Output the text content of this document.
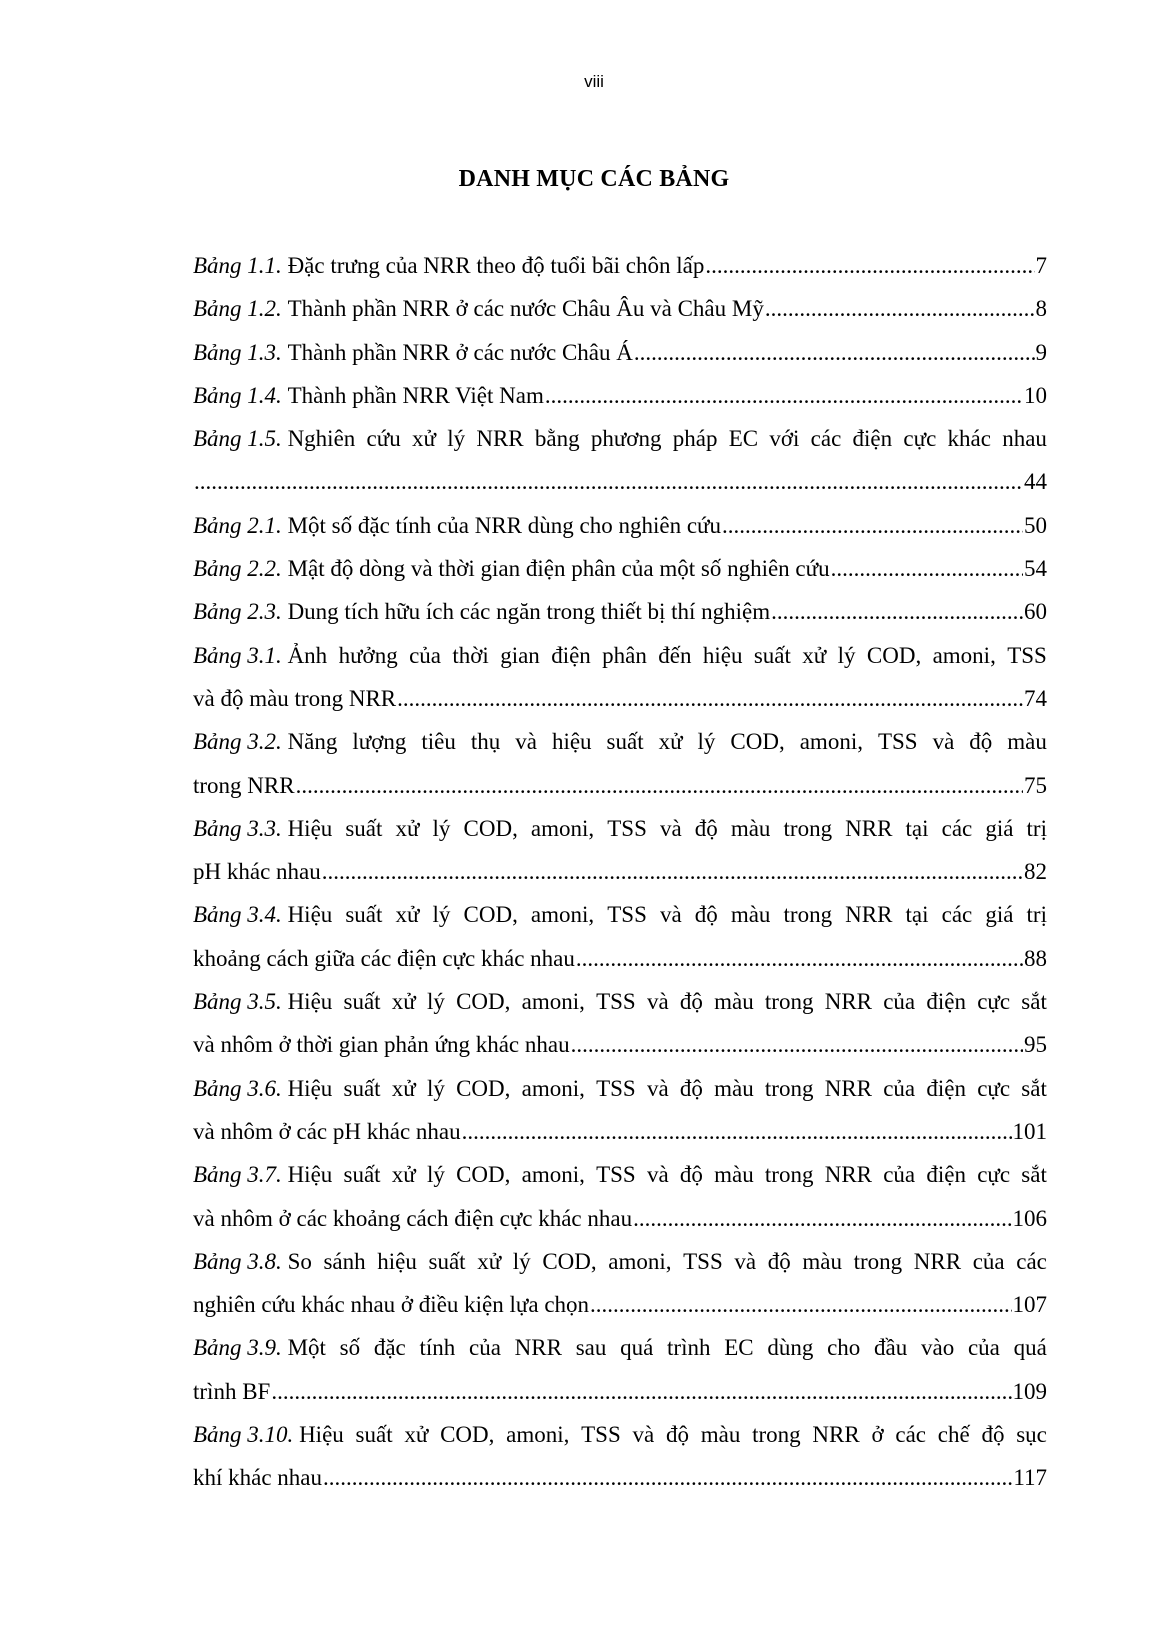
viii
DANH MỤC CÁC BẢNG
Bảng 1.1.
Đặc trưng của NRR theo độ tuổi bãi chôn lấp .....	7
Bảng 1.2.
Thành phần NRR ở các nước Châu Âu và Châu Mỹ .....	8
Bảng 1.3.
Thành phần NRR ở các nước Châu Á .....	9
Bảng 1.4.
Thành phần NRR Việt Nam .....	10
Bảng 1.5.
Nghiên cứu xử lý NRR bằng phương pháp EC với các điện cực khác nhau
.....
44
Bảng 2.1.
Một số đặc tính của NRR dùng cho nghiên cứu .....	50
Bảng 2.2.
Mật độ dòng và thời gian điện phân của một số nghiên cứu .....	54
Bảng 2.3.
Dung tích hữu ích các ngăn trong thiết bị thí nghiệm .....	60
Bảng 3.1.
Ảnh hưởng của thời gian điện phân đến hiệu suất xử lý COD, amoni, TSS
và độ màu trong NRR .....	74
Bảng 3.2.
Năng lượng tiêu thụ và hiệu suất xử lý COD, amoni, TSS và độ màu
trong NRR .....	75
Bảng 3.3.
Hiệu suất xử lý COD, amoni, TSS và độ màu trong NRR tại các giá trị
pH khác nhau .....	82
Bảng 3.4.
Hiệu suất xử lý COD, amoni, TSS và độ màu trong NRR tại các giá trị
khoảng cách giữa các điện cực khác nhau .....	88
Bảng 3.5.
Hiệu suất xử lý COD, amoni, TSS và độ màu trong NRR của điện cực sắt
và nhôm ở thời gian phản ứng khác nhau .....	95
Bảng 3.6.
Hiệu suất xử lý COD, amoni, TSS và độ màu trong NRR của điện cực sắt
và nhôm ở các pH khác nhau .....	101
Bảng 3.7.
Hiệu suất xử lý COD, amoni, TSS và độ màu trong NRR của điện cực sắt
và nhôm ở các khoảng cách điện cực khác nhau .....	106
Bảng 3.8.
So sánh hiệu suất xử lý COD, amoni, TSS và độ màu trong NRR của các
nghiên cứu khác nhau ở điều kiện lựa chọn .....	107
Bảng 3.9.
Một số đặc tính của NRR sau quá trình EC dùng cho đầu vào của quá
trình BF .....	109
Bảng 3.10.
Hiệu suất xử COD, amoni, TSS và độ màu trong NRR ở các chế độ sục
khí khác nhau .....	117
